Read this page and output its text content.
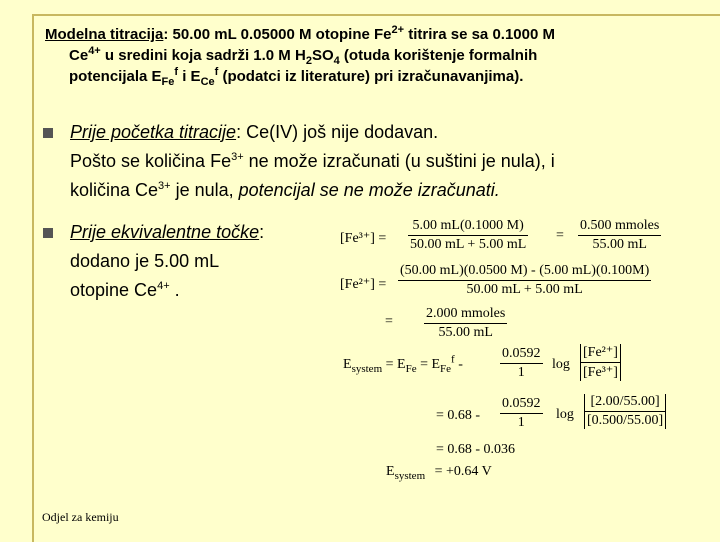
Modelna titracija: 50.00 mL 0.05000 M otopine $Fe^{2+}$ titrira se sa 0.1000 M
$Ce^{4+}$ u sredini koja sadrži 1.0 M $H_2SO_4$ (otuda korištenje formalnih
potencijala $E_{Fe}^f$ i $E_{Ce}^f$ (podatci iz literature) pri izračunavanjima).
Prije početka titracije: Ce(IV) još nije dodavan.
Pošto se količina $Fe^{3+}$ ne može izračunati (u suštini je nula), i
količina $Ce^{3+}$ je nula, potencijal se ne može izračunati.
Prije ekvivalentne točke:
dodano je 5.00 mL
otopine $Ce^{4+}$ .
$[Fe^{3+}] = \frac{5.00 mL(0.1000 M)}{50.00 mL + 5.00 mL}$ =
0.500 mmoles
55.00 mL
$[Fe^{2+}] = \frac{(50.00 mL)(0.0500 M) - (5.00 mL)(0.100M)}{50.00 mL + 5.00 mL}$
=
2.000 mmoles
55.00 mL
$E_{system} = E_{Fe} = E_{Fe}^f$ -	$\frac{0.0592}{1}$ $\log \frac{\text{[Fe²⁺]}}{\text{[Fe³⁺]}}$
= $0.68 - \frac{0.0592}{1}$ $\log \frac{[2.00/55.00]}{[0.500/55.00]}$
= 0.68 - 0.036
$E_{system} = +0.64$ V
Odjel za kemiju
